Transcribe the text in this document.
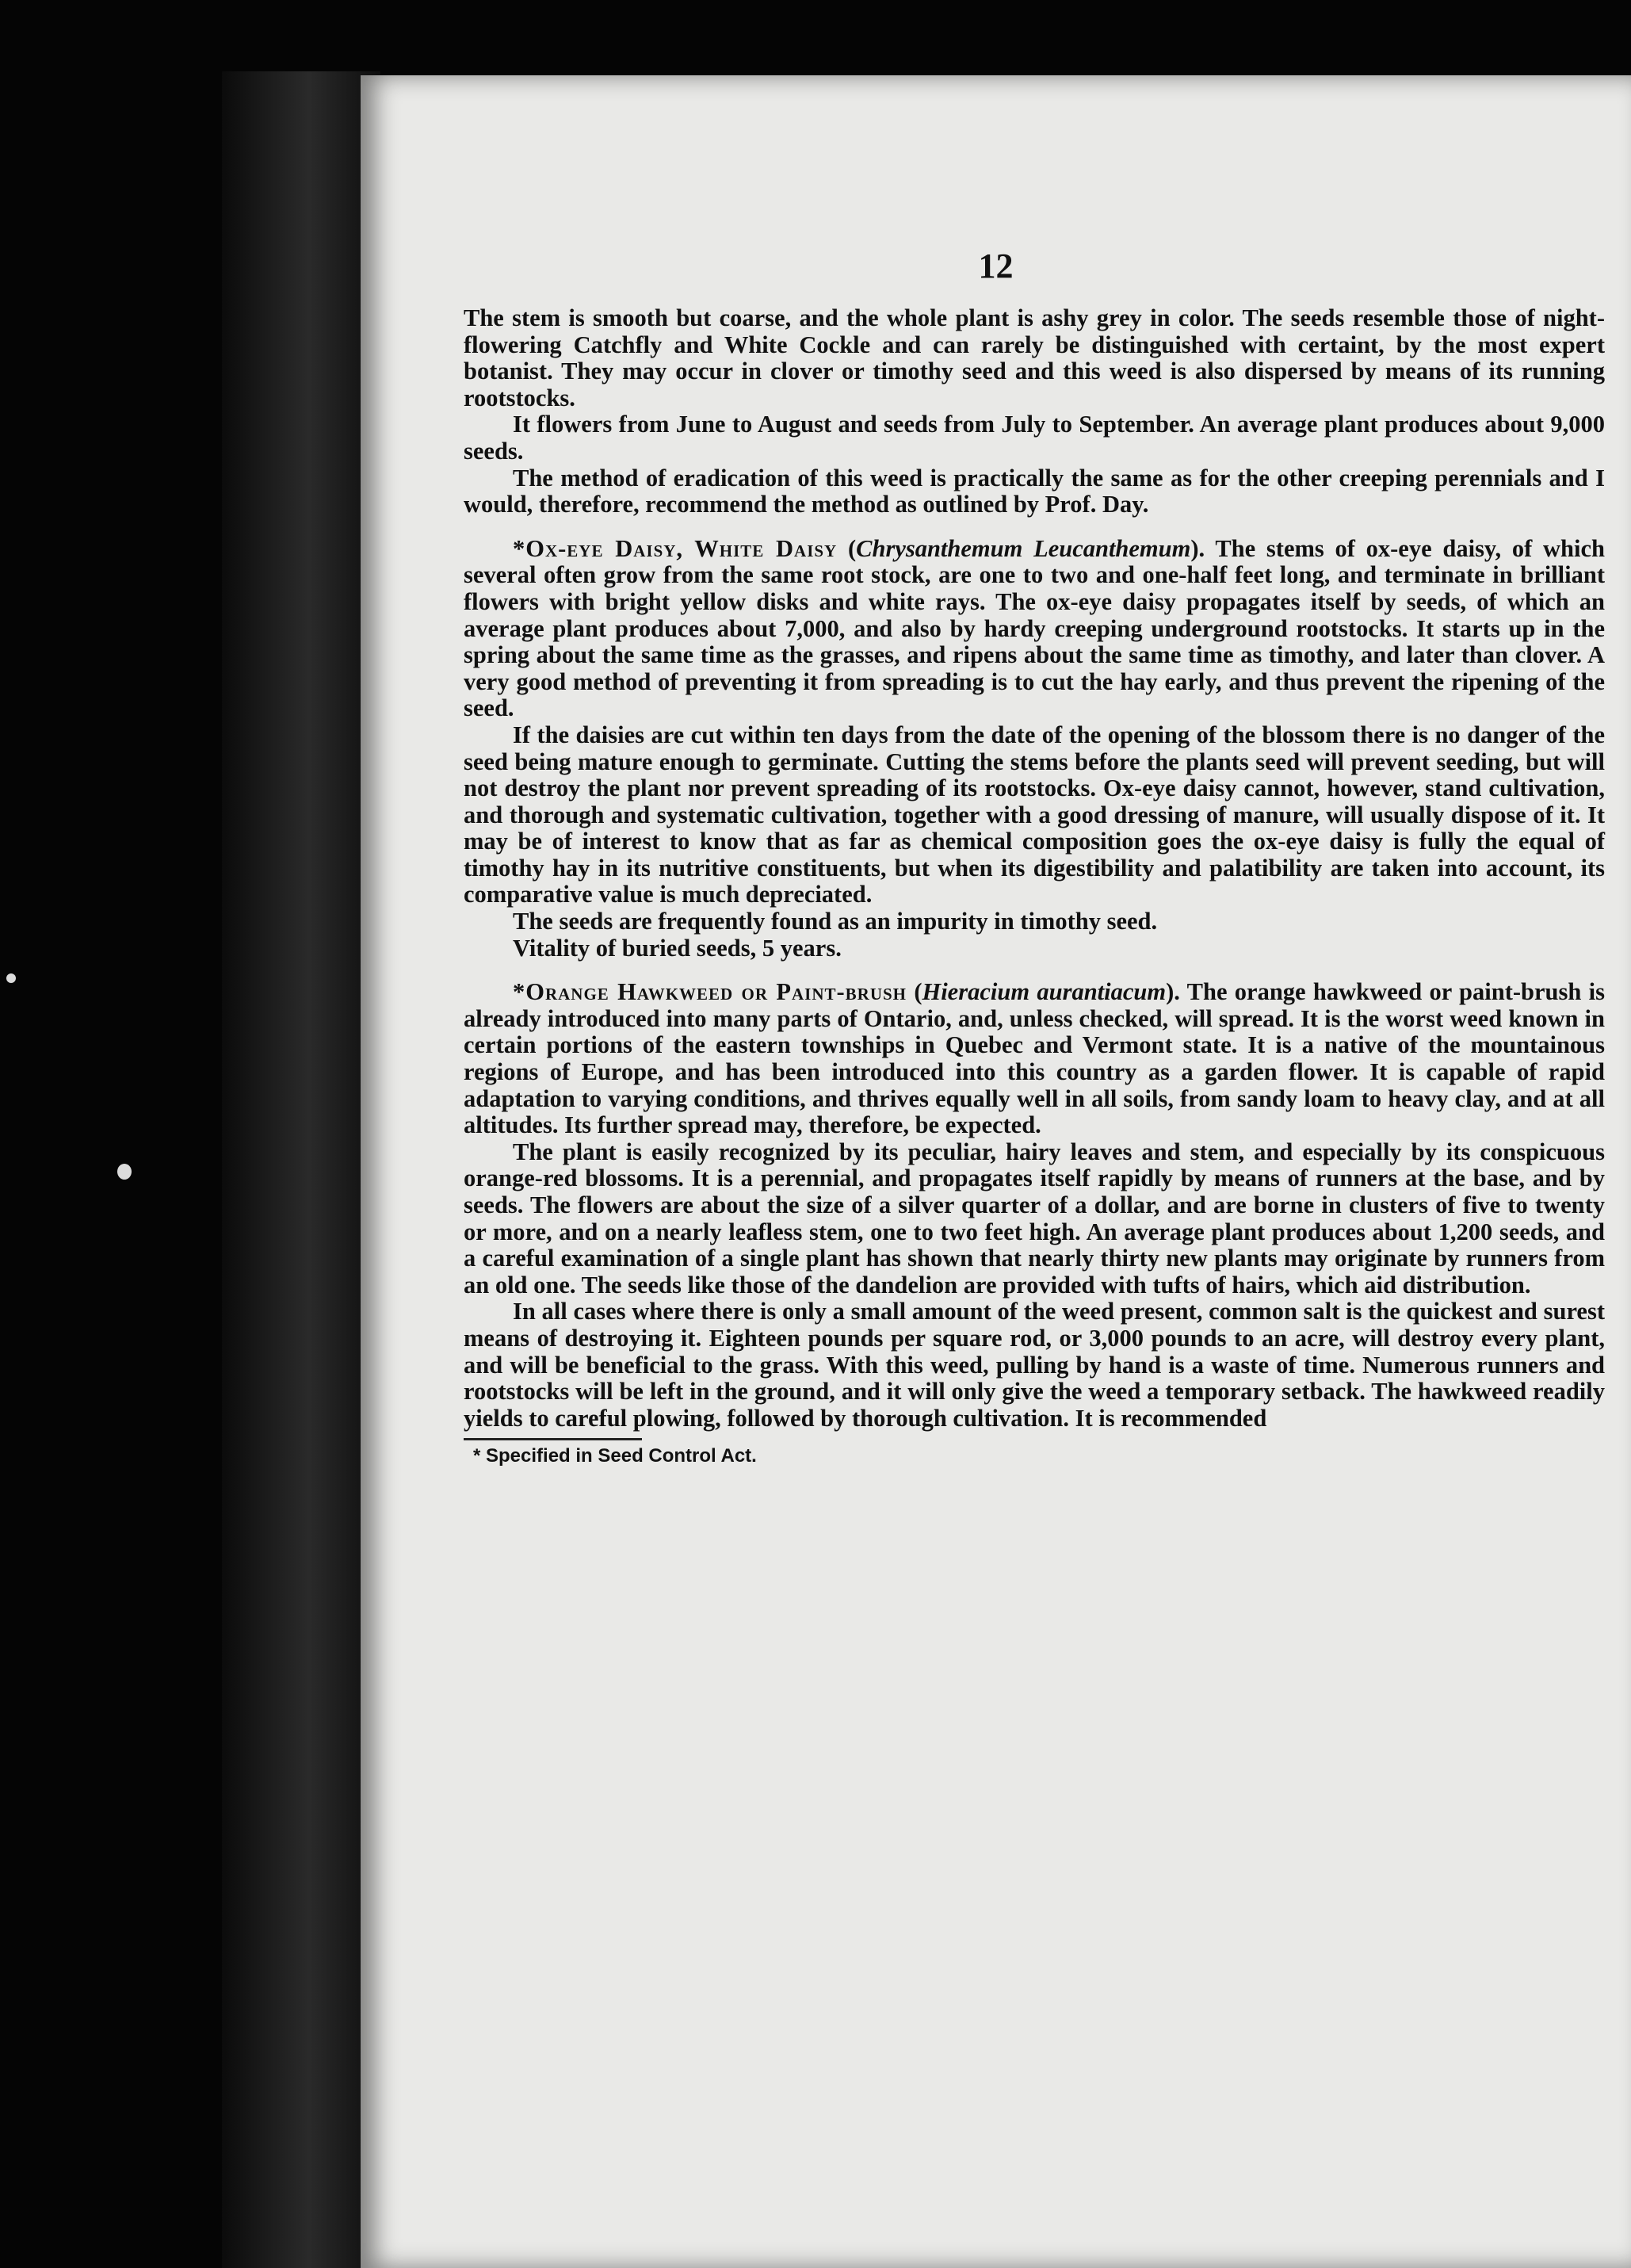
12

The stem is smooth but coarse, and the whole plant is ashy grey in color. The seeds resemble those of night-flowering Catchfly and White Cockle and can rarely be distinguished with certaint, by the most expert botanist. They may occur in clover or timothy seed and this weed is also dispersed by means of its running rootstocks.

It flowers from June to August and seeds from July to September. An average plant produces about 9,000 seeds.

The method of eradication of this weed is practically the same as for the other creeping perennials and I would, therefore, recommend the method as outlined by Prof. Day.

*Ox-eye Daisy, White Daisy (Chrysanthemum Leucanthemum). The stems of ox-eye daisy, of which several often grow from the same root stock, are one to two and one-half feet long, and terminate in brilliant flowers with bright yellow disks and white rays. The ox-eye daisy propagates itself by seeds, of which an average plant produces about 7,000, and also by hardy creeping underground rootstocks. It starts up in the spring about the same time as the grasses, and ripens about the same time as timothy, and later than clover. A very good method of preventing it from spreading is to cut the hay early, and thus prevent the ripening of the seed.

If the daisies are cut within ten days from the date of the opening of the blossom there is no danger of the seed being mature enough to germinate. Cutting the stems before the plants seed will prevent seeding, but will not destroy the plant nor prevent spreading of its rootstocks. Ox-eye daisy cannot, however, stand cultivation, and thorough and systematic cultivation, together with a good dressing of manure, will usually dispose of it. It may be of interest to know that as far as chemical composition goes the ox-eye daisy is fully the equal of timothy hay in its nutritive constituents, but when its digestibility and palatibility are taken into account, its comparative value is much depreciated.

The seeds are frequently found as an impurity in timothy seed.

Vitality of buried seeds, 5 years.

*Orange Hawkweed or Paint-brush (Hieracium aurantiacum). The orange hawkweed or paint-brush is already introduced into many parts of Ontario, and, unless checked, will spread. It is the worst weed known in certain portions of the eastern townships in Quebec and Vermont state. It is a native of the mountainous regions of Europe, and has been introduced into this country as a garden flower. It is capable of rapid adaptation to varying conditions, and thrives equally well in all soils, from sandy loam to heavy clay, and at all altitudes. Its further spread may, therefore, be expected.

The plant is easily recognized by its peculiar, hairy leaves and stem, and especially by its conspicuous orange-red blossoms. It is a perennial, and propagates itself rapidly by means of runners at the base, and by seeds. The flowers are about the size of a silver quarter of a dollar, and are borne in clusters of five to twenty or more, and on a nearly leafless stem, one to two feet high. An average plant produces about 1,200 seeds, and a careful examination of a single plant has shown that nearly thirty new plants may originate by runners from an old one. The seeds like those of the dandelion are provided with tufts of hairs, which aid distribution.

In all cases where there is only a small amount of the weed present, common salt is the quickest and surest means of destroying it. Eighteen pounds per square rod, or 3,000 pounds to an acre, will destroy every plant, and will be beneficial to the grass. With this weed, pulling by hand is a waste of time. Numerous runners and rootstocks will be left in the ground, and it will only give the weed a temporary setback. The hawkweed readily yields to careful plowing, followed by thorough cultivation. It is recommended

* Specified in Seed Control Act.
